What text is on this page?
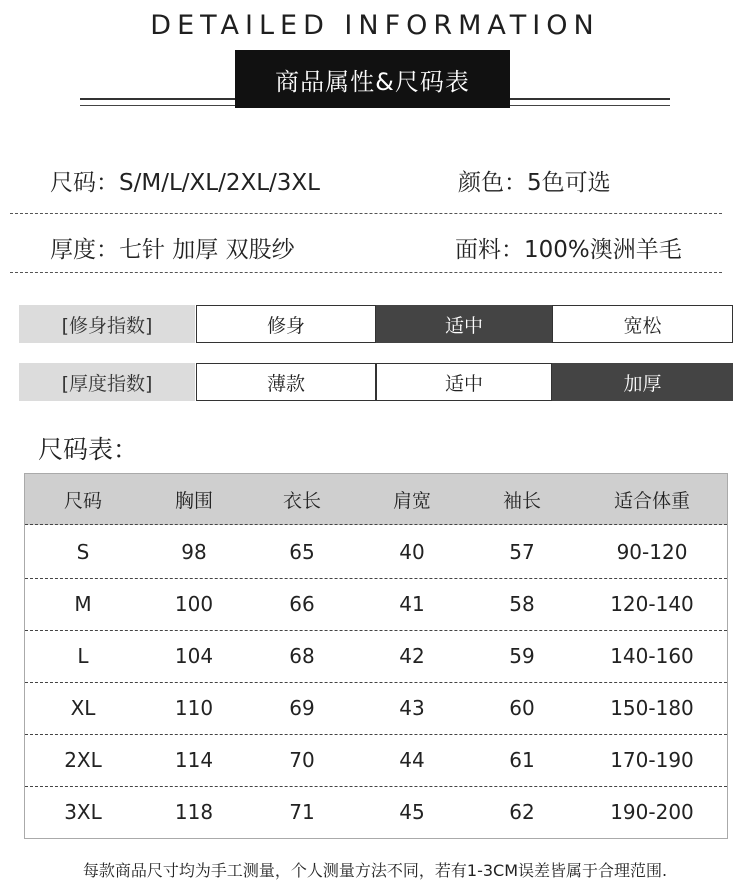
DETAILED INFORMATION
商品属性&尺码表
尺码：S/M/L/XL/2XL/3XL	颜色：5色可选
厚度：七针 加厚 双股纱	面料：100%澳洲羊毛
[修身指数]	修身	适中	宽松
[厚度指数]	薄款	适中	加厚
尺码表：
尺码	胸围	衣长	肩宽	袖长	适合体重
S	98	65	40	57	90-120
M	100	66	41	58	120-140
L	104	68	42	59	140-160
XL	110	69	43	60	150-180
2XL	114	70	44	61	170-190
3XL	118	71	45	62	190-200
每款商品尺寸均为手工测量，个人测量方法不同，若有1-3CM误差皆属于合理范围.
